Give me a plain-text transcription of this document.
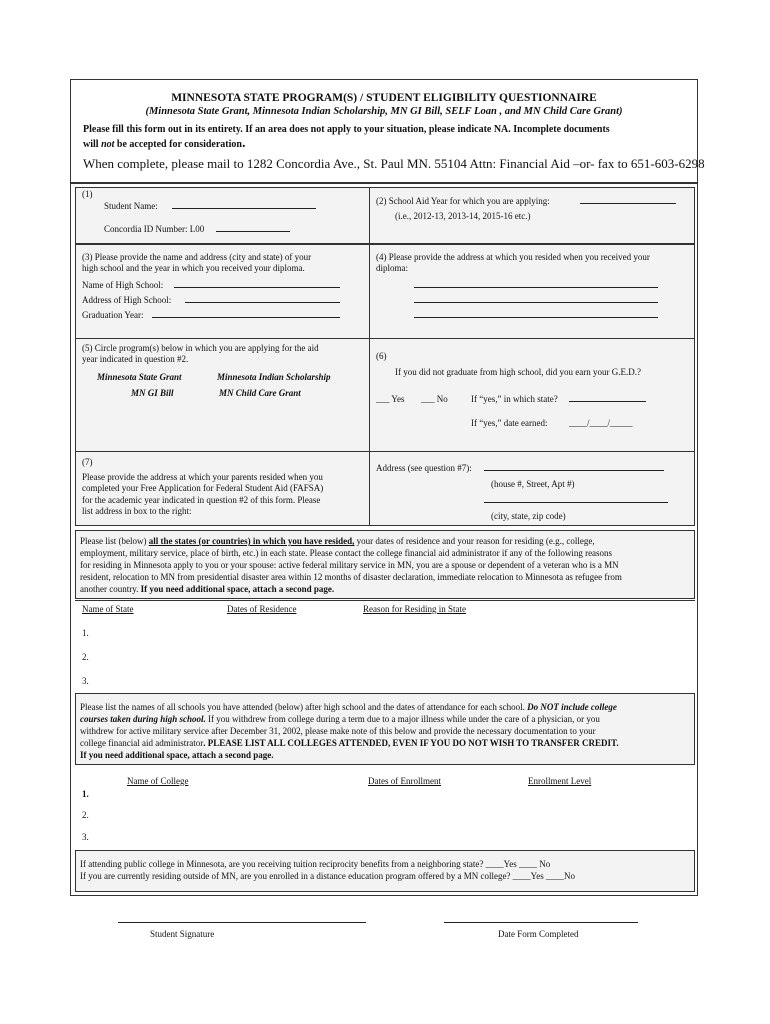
MINNESOTA STATE PROGRAM(S) / STUDENT ELIGIBILITY QUESTIONNAIRE
(Minnesota State Grant, Minnesota Indian Scholarship, MN GI Bill, SELF Loan , and MN Child Care Grant)
Please fill this form out in its entirety. If an area does not apply to your situation, please indicate NA. Incomplete documents
will not be accepted for consideration.
When complete, please mail to 1282 Concordia Ave., St. Paul MN. 55104 Attn: Financial Aid –or- fax to 651-603-6298
(1)
Student Name:
Concordia ID Number: L00
(2) School Aid Year for which you are applying:
(i.e., 2012-13, 2013-14, 2015-16 etc.)
(3) Please provide the name and address (city and state) of your
high school and the year in which you received your diploma.
Name of High School:
Address of High School:
Graduation Year:
(4) Please provide the address at which you resided when you received your
diploma:
(5) Circle program(s) below in which you are applying for the aid
year indicated in question #2.
Minnesota State Grant	Minnesota Indian Scholarship
MN GI Bill	MN Child Care Grant
(6)
If you did not graduate from high school, did you earn your G.E.D.?
___ Yes ___ No	If “yes,” in which state?
If “yes,” date earned: ____/____/_____
(7)
Please provide the address at which your parents resided when you
completed your Free Application for Federal Student Aid (FAFSA)
for the academic year indicated in question #2 of this form. Please
list address in box to the right:
Address (see question #7):
(house #, Street, Apt #)
(city, state, zip code)
Please list (below) all the states (or countries) in which you have resided, your dates of residence and your reason for residing (e.g., college,
employment, military service, place of birth, etc.) in each state. Please contact the college financial aid administrator if any of the following reasons
for residing in Minnesota apply to you or your spouse: active federal military service in MN, you are a spouse or dependent of a veteran who is a MN
resident, relocation to MN from presidential disaster area within 12 months of disaster declaration, immediate relocation to Minnesota as refugee from
another country. If you need additional space, attach a second page.
Name of State	Dates of Residence	Reason for Residing in State
1.
2.
3.
Please list the names of all schools you have attended (below) after high school and the dates of attendance for each school. Do NOT include college
courses taken during high school. If you withdrew from college during a term due to a major illness while under the care of a physician, or you
withdrew for active military service after December 31, 2002, please make note of this below and provide the necessary documentation to your
college financial aid administrator. PLEASE LIST ALL COLLEGES ATTENDED, EVEN IF YOU DO NOT WISH TO TRANSFER CREDIT.
If you need additional space, attach a second page.
Name of College	Dates of Enrollment	Enrollment Level
1.
2.
3.
If attending public college in Minnesota, are you receiving tuition reciprocity benefits from a neighboring state? ____Yes ____ No
If you are currently residing outside of MN, are you enrolled in a distance education program offered by a MN college? ____Yes ____No
Student Signature	Date Form Completed
